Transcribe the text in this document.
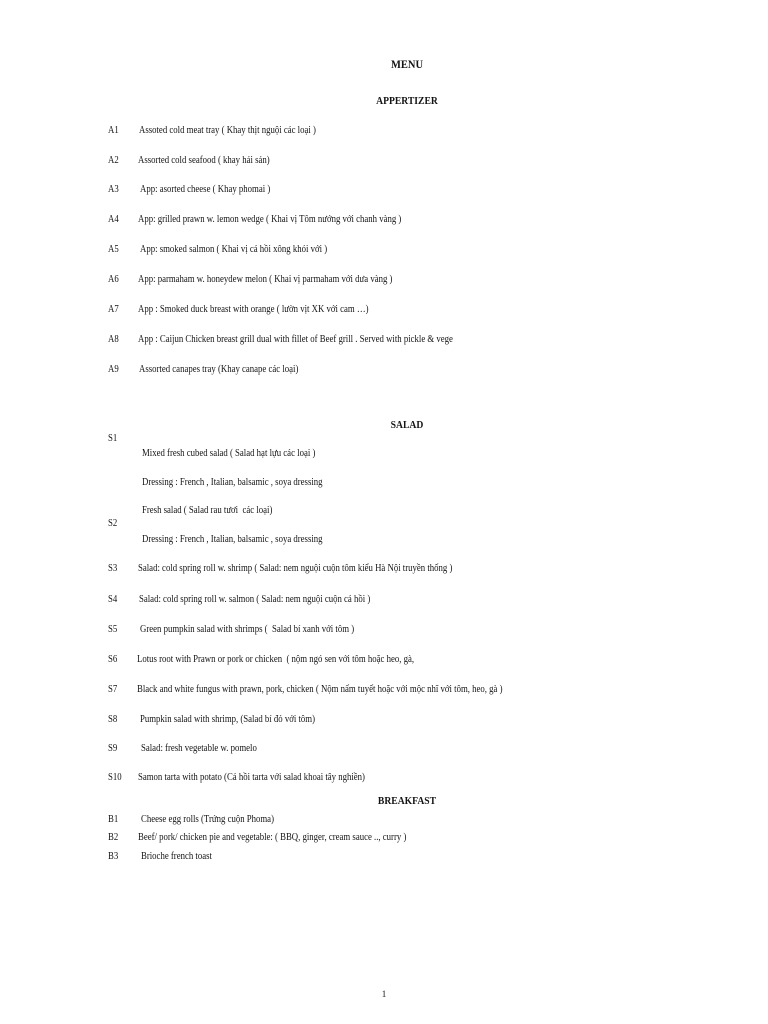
MENU
APPERTIZER
A1 Assoted cold meat tray ( Khay thịt nguội các loại )
A2 Assorted cold seafood ( khay hải sản)
A3 App: asorted cheese ( Khay phomai )
A4 App: grilled prawn w. lemon wedge ( Khai vị Tôm nướng với chanh vàng )
A5 App: smoked salmon ( Khai vị cá hồi xông khói với )
A6 App: parmaham w. honeydew melon ( Khai vị parmaham với dưa vàng )
A7 App : Smoked duck breast with orange ( lườn vịt XK với cam …)
A8 App : Caijun Chicken breast grill dual with fillet of Beef grill . Served with pickle & vege
A9 Assorted canapes tray (Khay canape các loại)
SALAD
Mixed fresh cubed salad ( Salad hạt lựu các loại )
S1
Dressing : French , Italian, balsamic , soya dressing
Fresh salad ( Salad rau tươi  các loại)
S2
Dressing : French , Italian, balsamic , soya dressing
S3 Salad: cold spring roll w. shrimp ( Salad: nem nguội cuộn tôm kiểu Hà Nội truyền thống )
S4 Salad: cold spring roll w. salmon ( Salad: nem nguội cuộn cá hồi )
S5 Green pumpkin salad with shrimps (  Salad bí xanh với tôm )
S6 Lotus root with Prawn or pork or chicken  ( nộm ngó sen với tôm hoặc heo, gà,
S7 Black and white fungus with prawn, pork, chicken ( Nộm nấm tuyết hoặc với mộc nhĩ với tôm, heo, gà )
S8 Pumpkin salad with shrimp, (Salad bí đỏ với tôm)
S9 Salad: fresh vegetable w. pomelo
S10 Samon tarta with potato (Cá hồi tarta với salad khoai tây nghiền)
BREAKFAST
B1 Cheese egg rolls (Trứng cuộn Phoma)
B2 Beef/ pork/ chicken pie and vegetable: ( BBQ, ginger, cream sauce .., curry )
B3 Brioche french toast
1
